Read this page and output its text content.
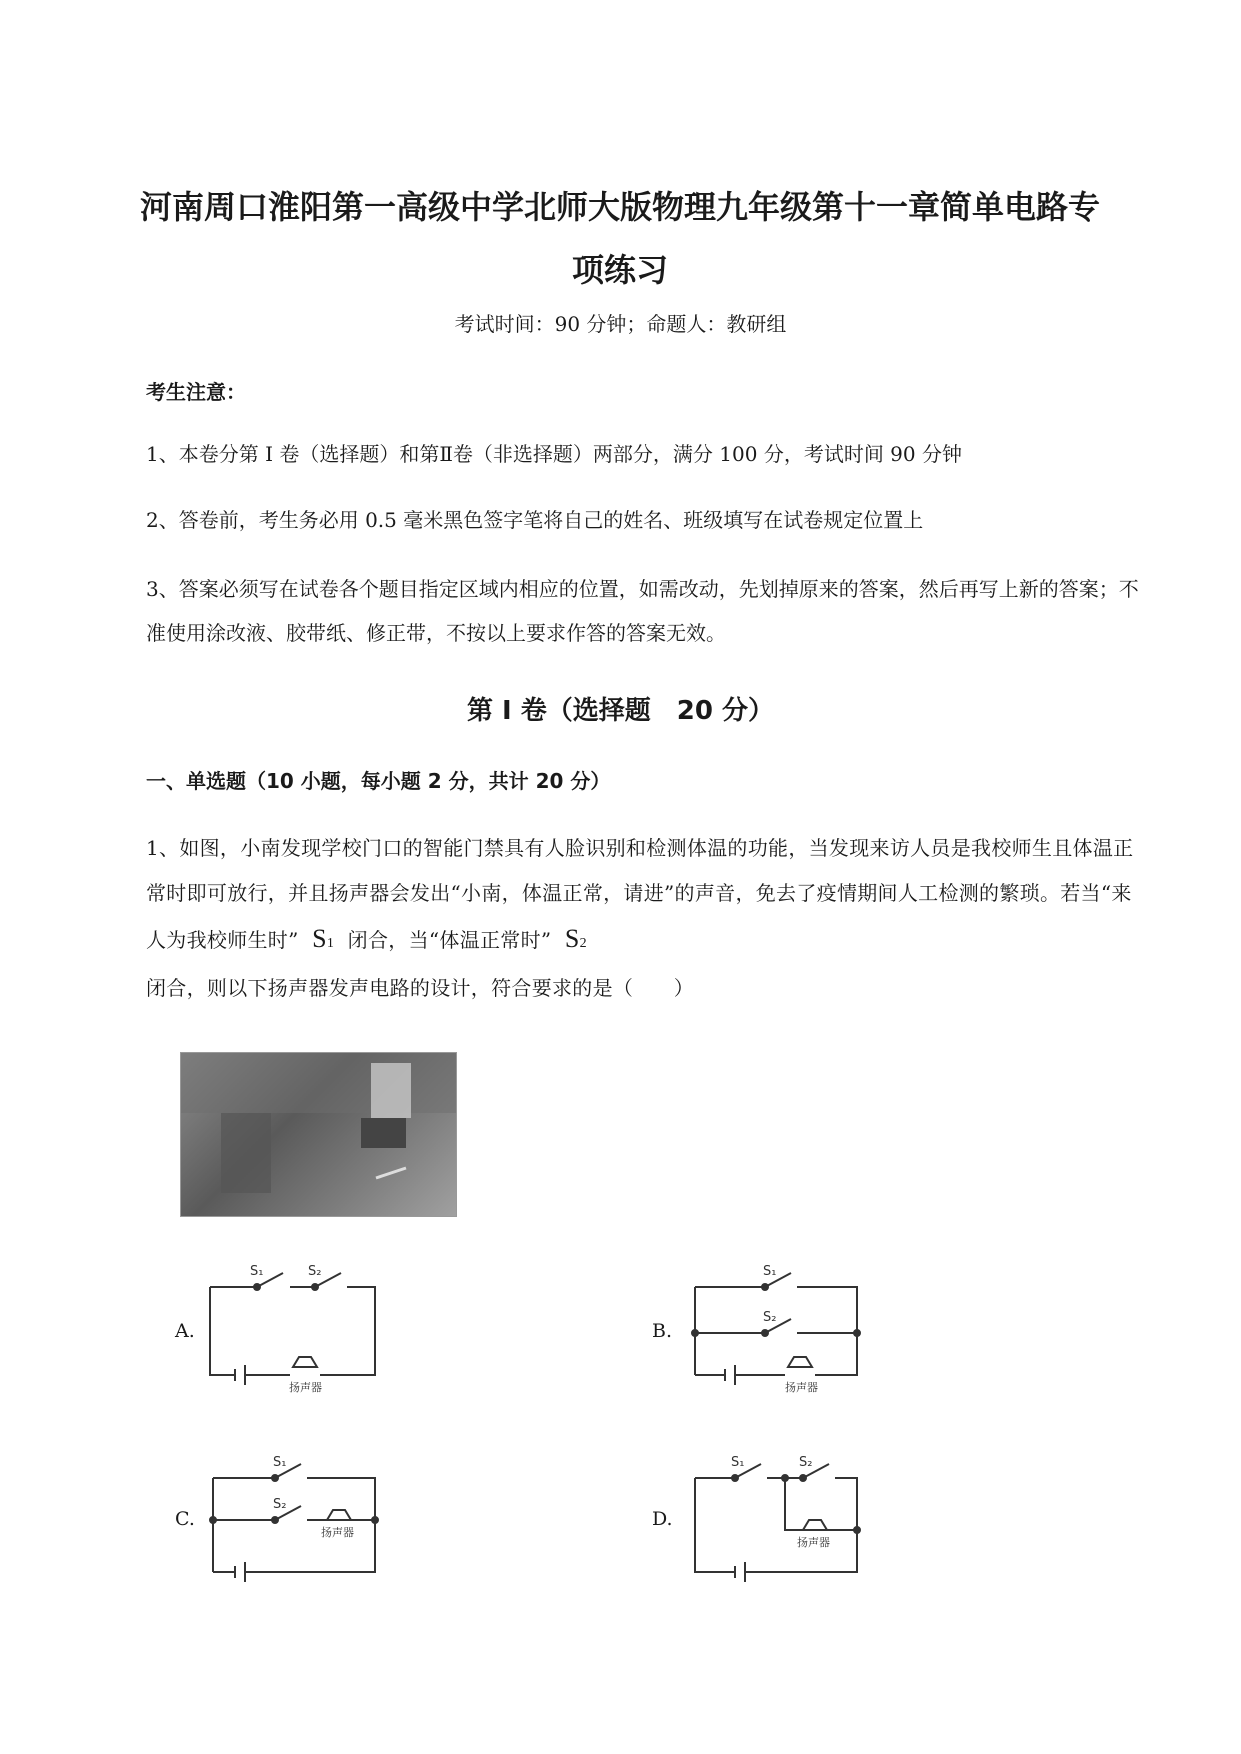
河南周口淮阳第一高级中学北师大版物理九年级第十一章简单电路专
项练习
考试时间：90 分钟；命题人：教研组
考生注意：
1、本卷分第 I 卷（选择题）和第Ⅱ卷（非选择题）两部分，满分 100 分，考试时间 90 分钟
2、答卷前，考生务必用 0.5 毫米黑色签字笔将自己的姓名、班级填写在试卷规定位置上
3、答案必须写在试卷各个题目指定区域内相应的位置，如需改动，先划掉原来的答案，然后再写上新的答案；不准使用涂改液、胶带纸、修正带，不按以上要求作答的答案无效。
第 I 卷（选择题　20 分）
一、单选题（10 小题，每小题 2 分，共计 20 分）
1、如图，小南发现学校门口的智能门禁具有人脸识别和检测体温的功能，当发现来访人员是我校师生且体温正常时即可放行，并且扬声器会发出“小南，体温正常，请进”的声音，免去了疫情期间人工检测的繁琐。若当“来人为我校师生时” S1 闭合，当“体温正常时” S2  闭合，则以下扬声器发声电路的设计，符合要求的是（　　）
A.
S₁	S₂
扬声器
B.
S₁
S₂
扬声器
C.
S₁
S₂
扬声器
D.
S₁	S₂
扬声器
